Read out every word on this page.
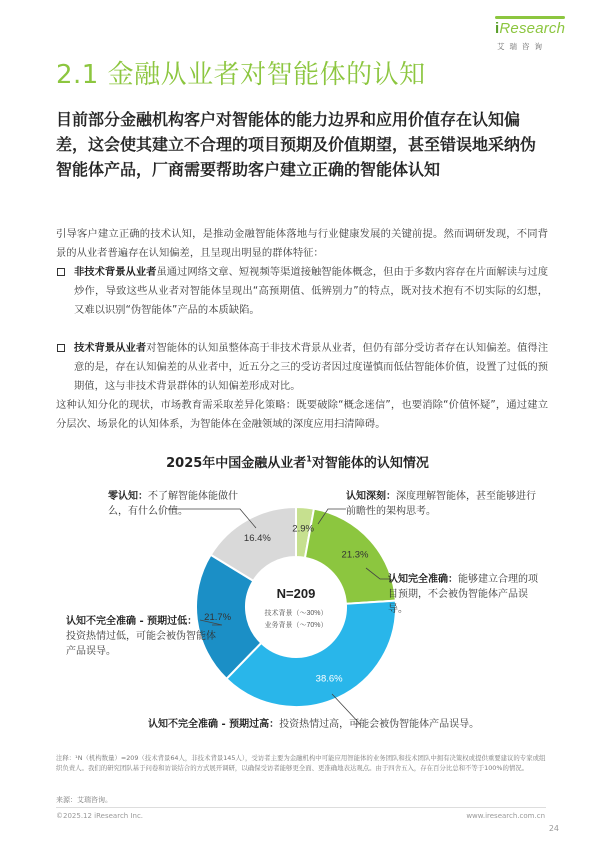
iResearch
艾瑞咨询
2.1 金融从业者对智能体的认知
目前部分金融机构客户对智能体的能力边界和应用价值存在认知偏差，这会使其建立不合理的项目预期及价值期望，甚至错误地采纳伪智能体产品，厂商需要帮助客户建立正确的智能体认知
引导客户建立正确的技术认知，是推动金融智能体落地与行业健康发展的关键前提。然而调研发现，不同背景的从业者普遍存在认知偏差，且呈现出明显的群体特征：
非技术背景从业者虽通过网络文章、短视频等渠道接触智能体概念，但由于多数内容存在片面解读与过度炒作，导致这些从业者对智能体呈现出“高预期值、低辨别力”的特点，既对技术抱有不切实际的幻想，又难以识别“伪智能体”产品的本质缺陷。
技术背景从业者对智能体的认知虽整体高于非技术背景从业者，但仍有部分受访者存在认知偏差。值得注意的是，存在认知偏差的从业者中，近五分之三的受访者因过度谨慎而低估智能体价值，设置了过低的预期值，这与非技术背景群体的认知偏差形成对比。
这种认知分化的现状，市场教育需采取差异化策略：既要破除“概念迷信”，也要消除“价值怀疑”，通过建立分层次、场景化的认知体系，为智能体在金融领域的深度应用扫清障碍。
2025年中国金融从业者$^1$对智能体的认知情况
2.9%
21.3%
38.6%
21.7%
16.4%
N=209
技术背景（～30%）
业务背景（～70%）
零认知：不了解智能体能做什么，有什么价值。
认知深刻：深度理解智能体，甚至能够进行前瞻性的架构思考。
认知完全准确：能够建立合理的项目预期，不会被伪智能体产品误导。
认知不完全准确 - 预期过低：
投资热情过低，可能会被伪智能体产品误导。
认知不完全准确 - 预期过高：投资热情过高，可能会被伪智能体产品误导。
注释：¹N（机构数量）=209（技术背景64人，非技术背景145人），受访者主要为金融机构中可能应用智能体的业务团队和技术团队中拥有决策权或提供重要建议的专家或组织负责人。我们的研究团队基于问卷和访谈结合的方式展开调研，以确保受访者能够更全面、更准确地表达观点。由于四舍五入，存在百分比总和不等于100%的情况。
来源：艾瑞咨询。
©2025.12 iResearch Inc.	www.iresearch.com.cn
24
